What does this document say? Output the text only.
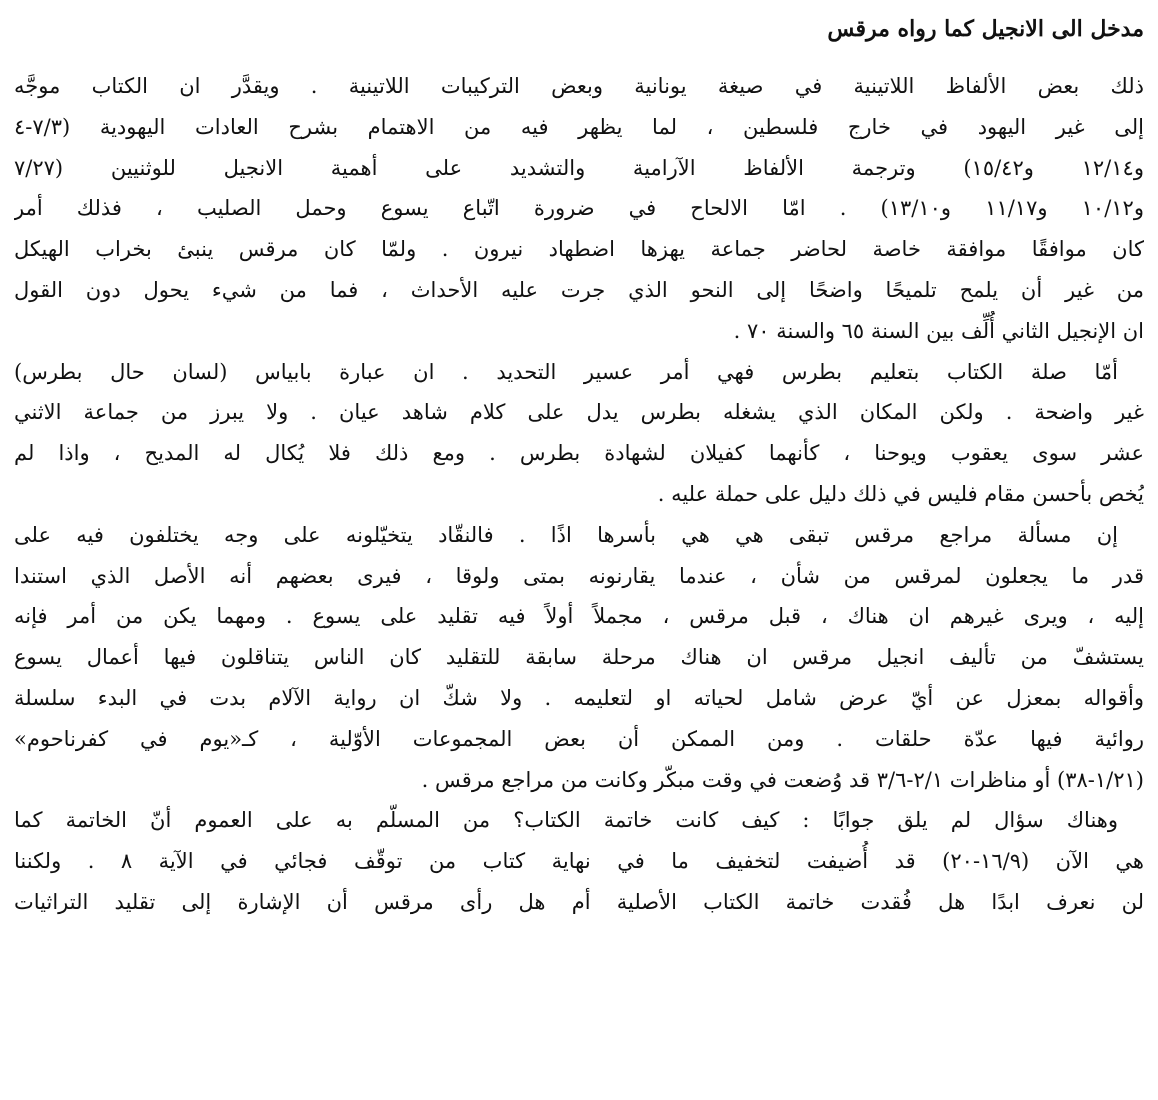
مدخل الى الانجيل كما رواه مرقس
ذلك بعض الألفاظ اللاتينية في صيغة يونانية وبعض التركيبات اللاتينية . ويقدَّر ان الكتاب موجَّه
إلى غير اليهود في خارج فلسطين ، لما يظهر فيه من الاهتمام بشرح العادات اليهودية (٧/٣-٤
و١٢/١٤ و١٥/٤٢) وترجمة الألفاظ الآرامية والتشديد على أهمية الانجيل للوثنيين (٧/٢٧
و١٠/١٢ و١١/١٧ و١٣/١٠) . امّا الالحاح في ضرورة اتّباع يسوع وحمل الصليب ، فذلك أمر
كان موافقًا موافقة خاصة لحاضر جماعة يهزها اضطهاد نيرون . ولمّا كان مرقس ينبئ بخراب الهيكل
من غير أن يلمح تلميحًا واضحًا إلى النحو الذي جرت عليه الأحداث ، فما من شيء يحول دون القول
ان الإنجيل الثاني أُلِّف بين السنة ٦٥ والسنة ٧٠ .
أمّا صلة الكتاب بتعليم بطرس فهي أمر عسير التحديد . ان عبارة بابياس (لسان حال بطرس)
غير واضحة . ولكن المكان الذي يشغله بطرس يدل على كلام شاهد عيان . ولا يبرز من جماعة الاثني
عشر سوى يعقوب ويوحنا ، كأنهما كفيلان لشهادة بطرس . ومع ذلك فلا يُكال له المديح ، واذا لم
يُخص بأحسن مقام فليس في ذلك دليل على حملة عليه .
إن مسألة مراجع مرقس تبقى هي هي بأسرها اذًا . فالنقّاد يتخيّلونه على وجه يختلفون فيه على
قدر ما يجعلون لمرقس من شأن ، عندما يقارنونه بمتى ولوقا ، فيرى بعضهم أنه الأصل الذي استندا
إليه ، ويرى غيرهم ان هناك ، قبل مرقس ، مجملاً أولاً فيه تقليد على يسوع . ومهما يكن من أمر فإنه
يستشفّ من تأليف انجيل مرقس ان هناك مرحلة سابقة للتقليد كان الناس يتناقلون فيها أعمال يسوع
وأقواله بمعزل عن أيّ عرض شامل لحياته او لتعليمه . ولا شكّ ان رواية الآلام بدت في البدء سلسلة
روائية فيها عدّة حلقات . ومن الممكن أن بعض المجموعات الأوّلية ، كـ«يوم في كفرناحوم»
(١/٢١-٣٨) أو مناظرات ٢/١-٣/٦ قد وُضعت في وقت مبكّر وكانت من مراجع مرقس .
وهناك سؤال لم يلق جوابًا : كيف كانت خاتمة الكتاب؟ من المسلّم به على العموم أنّ الخاتمة كما
هي الآن (١٦/٩-٢٠) قد أُضيفت لتخفيف ما في نهاية كتاب من توقّف فجائي في الآية ٨ . ولكننا
لن نعرف ابدًا هل فُقدت خاتمة الكتاب الأصلية أم هل رأى مرقس أن الإشارة إلى تقليد التراثيات
